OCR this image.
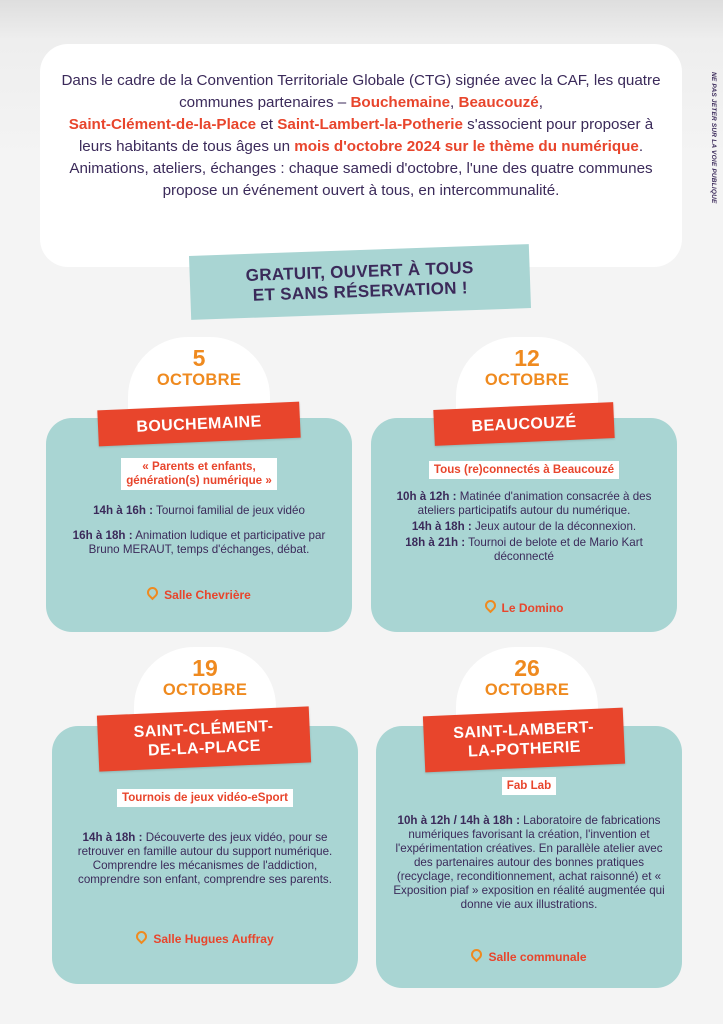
Dans le cadre de la Convention Territoriale Globale (CTG) signée avec la CAF, les quatre communes partenaires – Bouchemaine, Beaucouzé,
Saint-Clément-de-la-Place et Saint-Lambert-la-Potherie s'associent pour proposer à leurs habitants de tous âges un mois d'octobre 2024 sur le thème du numérique. Animations, ateliers, échanges : chaque samedi d'octobre, l'une des quatre communes propose un événement ouvert à tous, en intercommunalité.	NE PAS JETER SUR LA VOIE PUBLIQUE
GRATUIT, OUVERT À TOUS
ET SANS RÉSERVATION !
« Parents et enfants,
génération(s) numérique »

14h à 16h : Tournoi familial de jeux vidéo

16h à 18h : Animation ludique et participative par Bruno MERAUT, temps d'échanges, débat.

Salle Chevrière
5
OCTOBRE
BOUCHEMAINE
Tous (re)connectés à Beaucouzé

10h à 12h : Matinée d'animation consacrée à des ateliers participatifs autour du numérique.

14h à 18h : Jeux autour de la déconnexion.

18h à 21h : Tournoi de belote et de Mario Kart déconnecté

Le Domino
12
OCTOBRE
BEAUCOUZÉ
Tournois de jeux vidéo-eSport

14h à 18h : Découverte des jeux vidéo, pour se retrouver en famille autour du support numérique. Comprendre les mécanismes de l'addiction, comprendre son enfant, comprendre ses parents.

Salle Hugues Auffray
19
OCTOBRE
SAINT-CLÉMENT-
DE-LA-PLACE
Fab Lab

10h à 12h / 14h à 18h : Laboratoire de fabrications numériques favorisant la création, l'invention et l'expérimentation créatives. En parallèle atelier avec des partenaires autour des bonnes pratiques (recyclage, reconditionnement, achat raisonné) et « Exposition piaf » exposition en réalité augmentée qui donne vie aux illustrations.

Salle communale
26
OCTOBRE
SAINT-LAMBERT-
LA-POTHERIE
